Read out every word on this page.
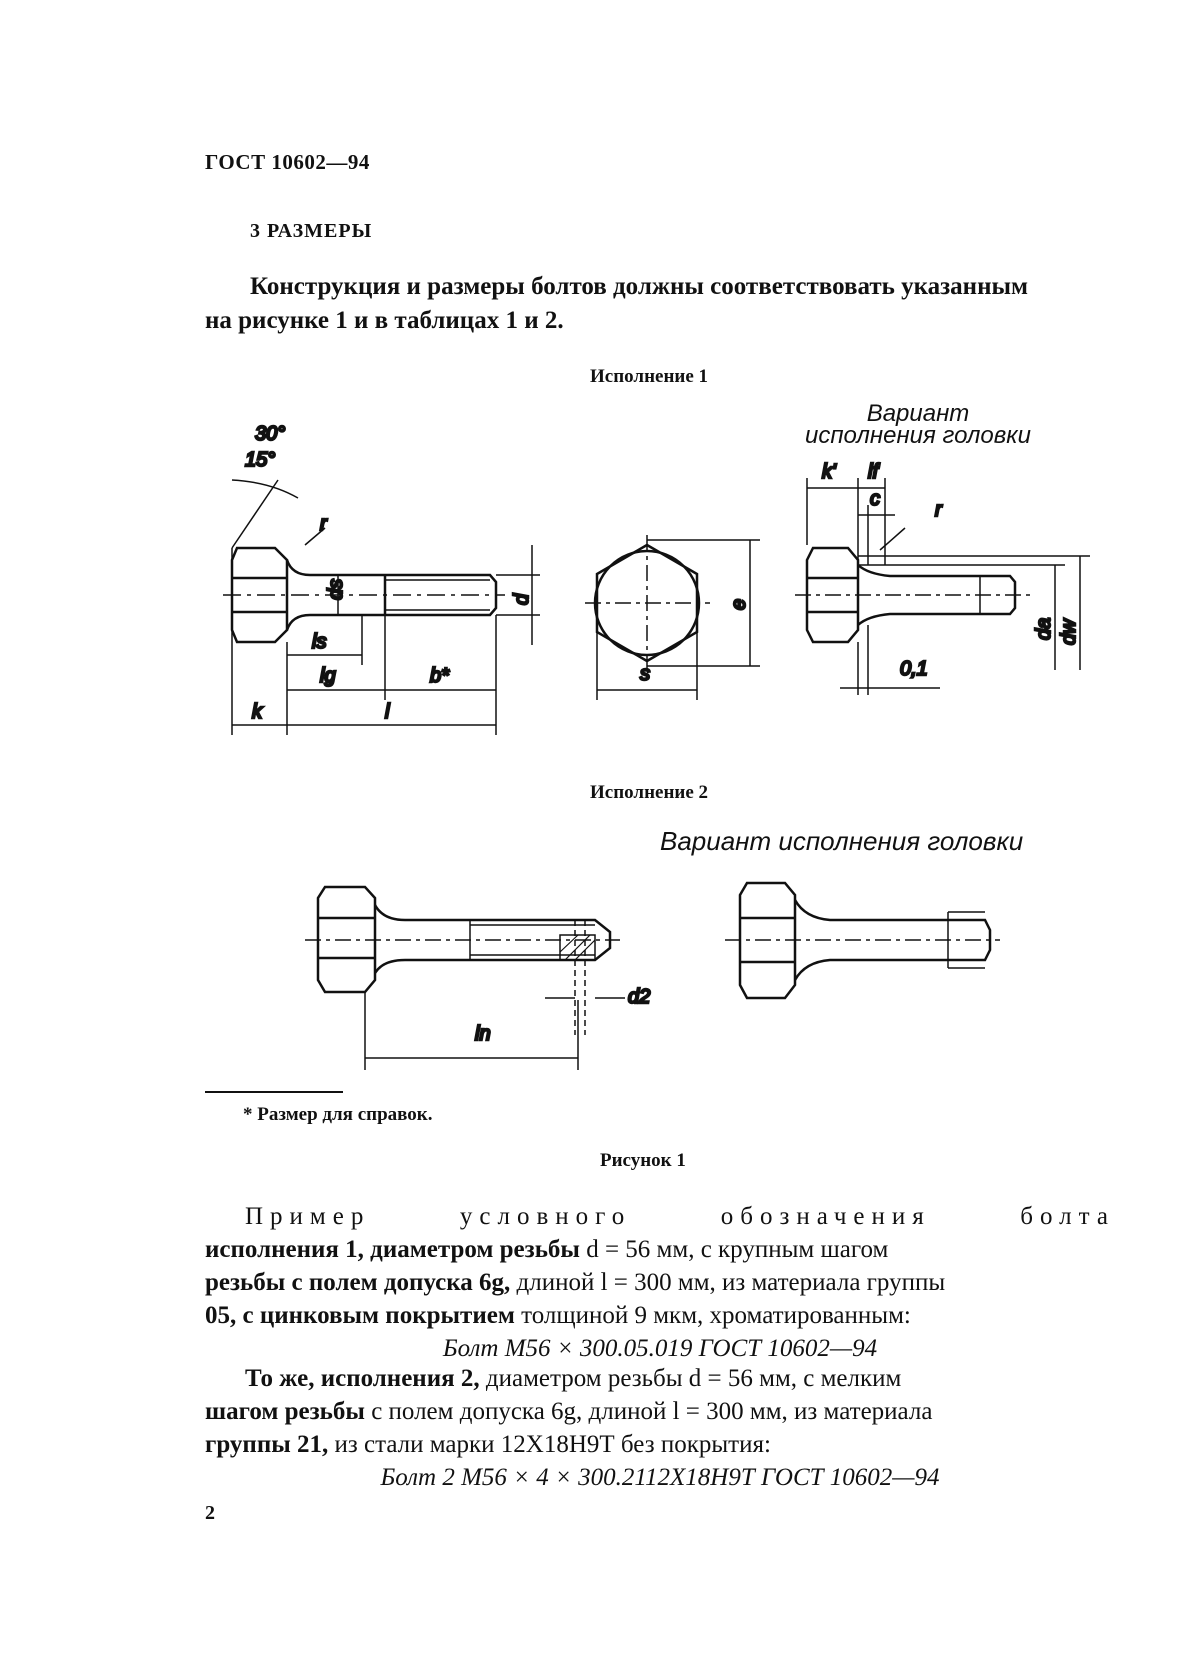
ГОСТ 10602—94
3 РАЗМЕРЫ
Конструкция и размеры болтов должны соответствовать указанным
на рисунке 1 и в таблицах 1 и 2.
Исполнение 1
Вариант
исполнения головки
Исполнение 2
Вариант исполнения головки
30°
15°
r
ds	d
ls
lg	b*
k	l
e
s
k' lf
c	r
da dw
0,1
d2
ln
* Размер для справок.
Рисунок 1
Пример	условного	обозначения	болта
исполнения 1, диаметром резьбы d = 56 мм, с крупным шагом
резьбы с полем допуска 6g, длиной l = 300 мм, из материала группы
05, с цинковым покрытием толщиной 9 мкм, хроматированным:
Болт М56 × 300.05.019 ГОСТ 10602—94
То же, исполнения 2, диаметром резьбы d = 56 мм, с мелким
шагом резьбы с полем допуска 6g, длиной l = 300 мм, из материала
группы 21, из стали марки 12Х18Н9Т без покрытия:
Болт 2 М56 × 4 × 300.2112Х18Н9Т ГОСТ 10602—94
2
